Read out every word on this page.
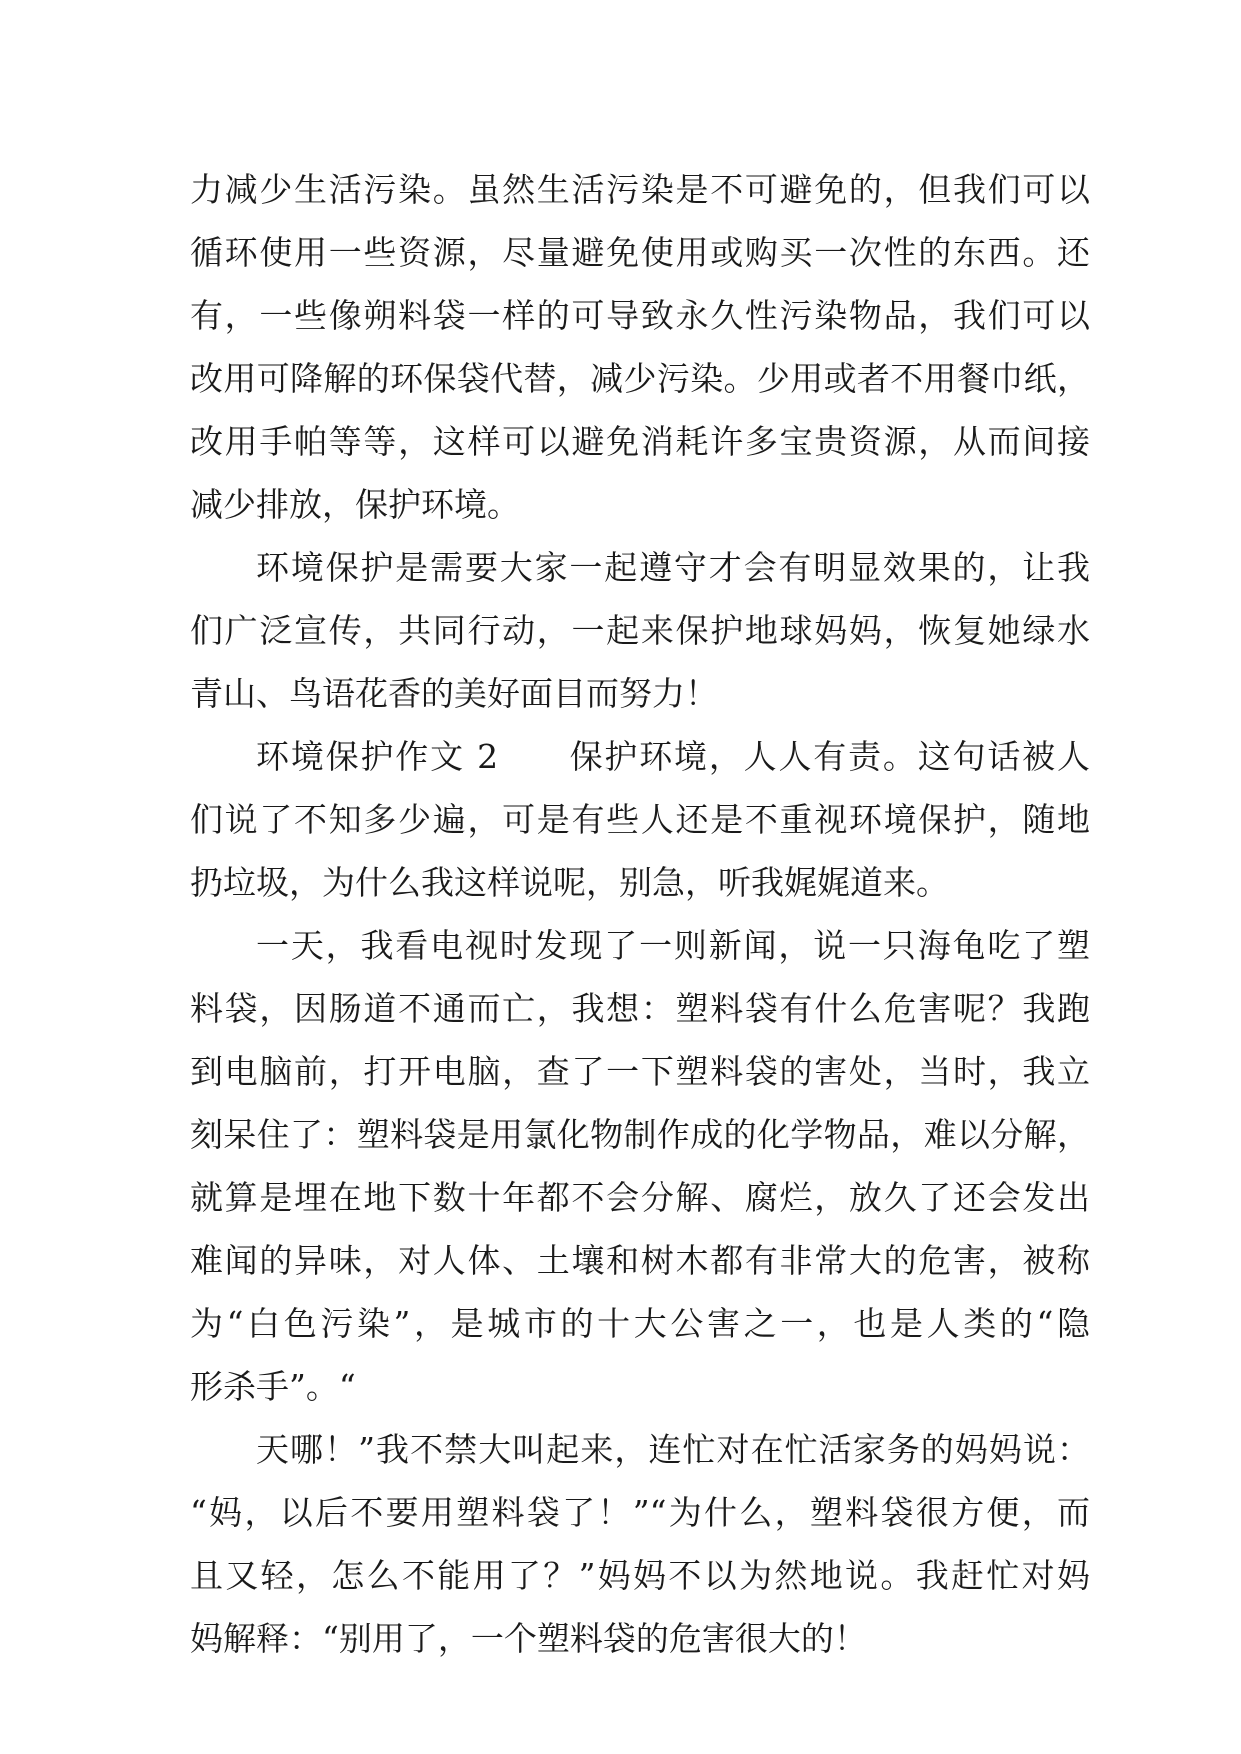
力减少生活污染。虽然生活污染是不可避免的，但我们可以
循环使用一些资源，尽量避免使用或购买一次性的东西。还
有，一些像朔料袋一样的可导致永久性污染物品，我们可以
改用可降解的环保袋代替，减少污染。少用或者不用餐巾纸，
改用手帕等等，这样可以避免消耗许多宝贵资源，从而间接
减少排放，保护环境。
环境保护是需要大家一起遵守才会有明显效果的，让我
们广泛宣传，共同行动，一起来保护地球妈妈，恢复她绿水
青山、鸟语花香的美好面目而努力！
环境保护作文 2　　保护环境，人人有责。这句话被人
们说了不知多少遍，可是有些人还是不重视环境保护，随地
扔垃圾，为什么我这样说呢，别急，听我娓娓道来。
一天，我看电视时发现了一则新闻，说一只海龟吃了塑
料袋，因肠道不通而亡，我想：塑料袋有什么危害呢？我跑
到电脑前，打开电脑，查了一下塑料袋的害处，当时，我立
刻呆住了：塑料袋是用氯化物制作成的化学物品，难以分解，
就算是埋在地下数十年都不会分解、腐烂，放久了还会发出
难闻的异味，对人体、土壤和树木都有非常大的危害，被称
为“白色污染”，是城市的十大公害之一，也是人类的“隐
形杀手”。“
天哪！”我不禁大叫起来，连忙对在忙活家务的妈妈说：
“妈，以后不要用塑料袋了！”“为什么，塑料袋很方便，而
且又轻，怎么不能用了？”妈妈不以为然地说。我赶忙对妈
妈解释：“别用了，一个塑料袋的危害很大的！
